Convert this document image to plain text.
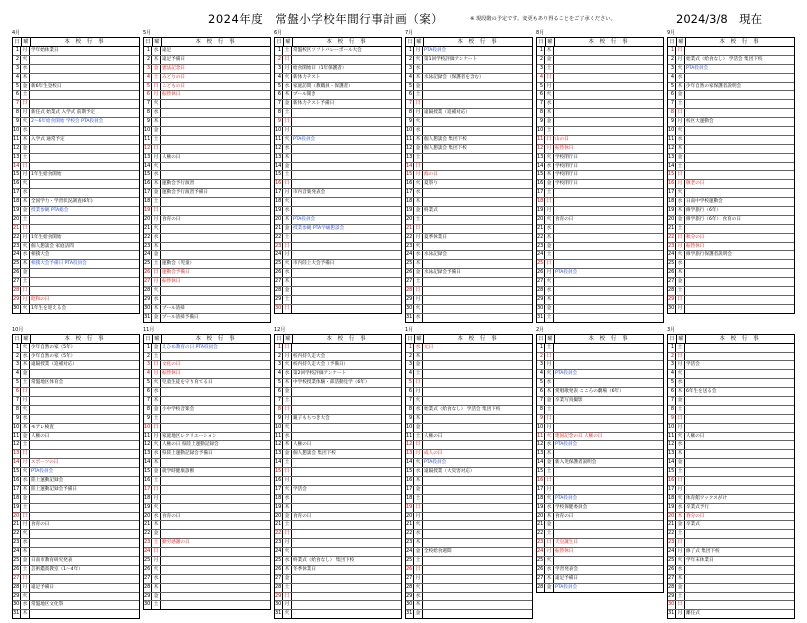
2024年度　常盤小学校年間行事計画（案）	※ 現段階の予定です。変更もあり得ることをご了承ください。	2024/3/8　現在
4月
日 曜	本 校 行 事
1 月 学年始休業日
2 火
3 水
4 木
5 金 新6年生登校日
6 土
7 日
8 月 新任式 始業式 入学式 前期予定
9 火 2～6年給食開始 学校会 PTA役員会
10 水
11 木 入学式 通常予定
12 金
13 土
14 日
15 月 1年生給食開始
16 火
17 水
18 木 全国学力・学習状況調査(6年)
19 金 授業参観 PTA総会
20 土
21 日
22 月 1年生給食開始
23 火 個人懇談会 家庭訪問
24 水 相撲大会
25 木 相撲大会予備日 PTA役員会
26 金
27 土
28 日
29 月 昭和の日
30 火 1年生を迎える会
5月
日 曜	本 校 行 事
1 水 遠足
2 木 遠足予備日
3 金 憲法記念日
4 土 みどりの日
5 日 こどもの日
6 月 振替休日
7 火
8 水
9 木
10 金
11 土
12 日
13 月 人権の日
14 火
15 水
16 木 運動会予行演習
17 金 運動会予行演習予備日
18 土
19 日
20 月 食育の日
21 火
22 水
23 木
24 金
25 土 運動会（児童）
26 日 運動会予備日
27 月 振替休日
28 火
29 水
30 木 プール清掃
31 金 プール清掃予備日
6月
日 曜	本 校 行 事
1 土 常盤校区ソフトバレーボール大会
2 日
3 月 給食開始日（1年保護者）
4 火 新体力テスト
5 水 家庭訪問（教職員・保護者）
6 木 プール開き
7 金 新体力テスト予備日
8 土
9 日
10 月
11 火 PTA役員会
12 水
13 木
14 金
15 土
16 日
17 月 市内音楽発表会
18 火
19 水
20 木 PTA役員会
21 金 授業参観 PTA学級懇談会
22 土
23 日
24 月
25 火 市内陸上大会予備日
26 水
27 木
28 金
29 土
30 日
7月
日 曜	本 校 行 事
1 月 PTA役員会
2 火 第1回学校評価アンケート
3 水
4 木 水泳記録会（保護者を含む）
5 金
6 土
7 日
8 月 遠隔授業（追補対応）
9 火
10 水
11 木 個人懇談会 集団下校
12 金 個人懇談会 集団下校
13 土
14 日
15 月 海の日
16 火 夏祭り
17 水
18 木
19 金 終業式
20 土
21 日
22 月 夏季休業日
23 火
24 水 水泳記録会
25 木
26 金 水泳記録会予備日
27 土
28 日
29 月
30 火
31 水
8月
日 曜	本 校 行 事
1 木
2 金
3 土
4 日
5 月
6 火
7 水
8 木
9 金
10 土
11 日 山の日
12 月 振替休日
13 火 学校閉庁日
14 水 学校閉庁日
15 木 学校閉庁日
16 金 学校閉庁日
17 土
18 日
19 月
20 火 食育の日
21 水
22 木
23 金
24 土
25 日
26 月 PTA役員会
27 火
28 水
29 木
30 金
31 土
9月
日 曜	本 校 行 事
1 日
2 月 始業式（給食なし） 学活会 集団下校
3 火 PTA役員会
4 水
5 木 少年自然の家保護者説明会
6 金
7 土
8 日
9 月 校区大運動会
10 火
11 水
12 木
13 金
14 土
15 日
16 月 敬老の日
17 火
18 水 日南中学校運動会
19 木 修学旅行（6年）
20 金 修学旅行（6年） 食育の日
21 土
22 日 秋分の日
23 月 振替休日
24 火 修学旅行保護者説明会
25 水
26 木
27 金
28 土
29 日
30 月
10月
日 曜	本 校 行 事
1 火 少年自然の家（5年）
2 水 少年自然の家（5年）
3 木 遠隔授業（追補対応）
4 金
5 土 常盤地区体育会
6 日
7 月
8 火
9 水
10 木 モアレ検査
11 金 人権の日
12 土
13 日
14 月 スポーツの日
15 火 PTA役員会
16 水 陸上運動記録会
17 木 陸上運動記録会予備日
18 金
19 土
20 日
21 月 食育の日
22 火
23 水
24 木
25 金 日南市教育研究発表
26 土 芸術鑑賞教室（1～4年）
27 日
28 月 遠足予備日
29 火
30 水 常盤地区文化祭
31 木
11月
日 曜	本 校 行 事
1 金 えひめ教育の日 PTA役員会
2 土
3 日 文化の日
4 月 振替休日
5 火 児童生徒を守り育てる日
6 水
7 木
8 金 小中学校音楽会
9 土
10 日
11 月 家庭地区レクリエーション
12 火 人権の日 県陸上運動記録会
13 水 県陸上運動記録会予備日
14 木
15 金 就学時健康診断
16 土
17 日
18 月
19 火
20 水 食育の日
21 木
22 金
23 土 勤労感謝の日
24 日
25 月
26 火
27 水
28 木
29 金
30 土
12月
日 曜	本 校 行 事
1 日
2 月 校内持久走大会
3 火 校内持久走大会（予備日）
4 水 第2回学校評価アンケート
5 木 中学校授業体験・部活動見学（6年）
6 金
7 土
8 日
9 月 親子もちつき大会
10 火
11 水
12 木 人権の日
13 金 個人懇談会 集団下校
14 土
15 日
16 月
17 火 学活会
18 水
19 木
20 金 食育の日
21 土
22 日
23 月
24 火
25 水 終業式（給食なし） 集団下校
26 木 冬季休業日
27 金
28 土
29 日
30 月
31 火
1月
日 曜	本 校 行 事
1 水 元日
2 木
3 金
4 土
5 日
6 月
7 火
8 水 始業式（給食なし） 学活会 集団下校
9 木
10 金
11 土 人権の日
12 日
13 月 成人の日
14 火 PTA役員会
15 水 遠隔授業（大災害対応）
16 木
17 金
18 土
19 日
20 月
21 火
22 水
23 木
24 金 全校給食週間
25 土
26 日
27 月
28 火
29 水
30 木
31 金
2月
日 曜	本 校 行 事
1 土
2 日
3 月
4 火 PTA役員会
5 水
6 木 愛唱歌発表 こころの劇場（6年）
7 金 卒業写真撮影
8 土
9 日
10 月
11 火 建国記念の日 人権の日
12 水 PTA役員会
13 木
14 金 新入児保護者説明会
15 土
16 日
17 月
18 火 PTA役員会
19 水 学校保健委員会
20 木 食育の日
21 金
22 土
23 日 天皇誕生日
24 月 振替休日
25 火
26 水 学習発表会
27 木 遠足予備日
28 金 PTA役員会
3月
日 曜	本 校 行 事
1 土
2 日
3 月 学活会
4 火
5 水
6 木 6年生を送る会
7 金
8 土
9 日
10 月
11 火 人権の日
12 水
13 木
14 金
15 土
16 日
17 月
18 火 体育館ワックスがけ
19 水 卒業式予行
20 木 春分の日
21 金 卒業式
22 土
23 日
24 月 修了式 集団下校
25 火 学年末休業日
26 水
27 木
28 金
29 土
30 日
31 月 離任式
